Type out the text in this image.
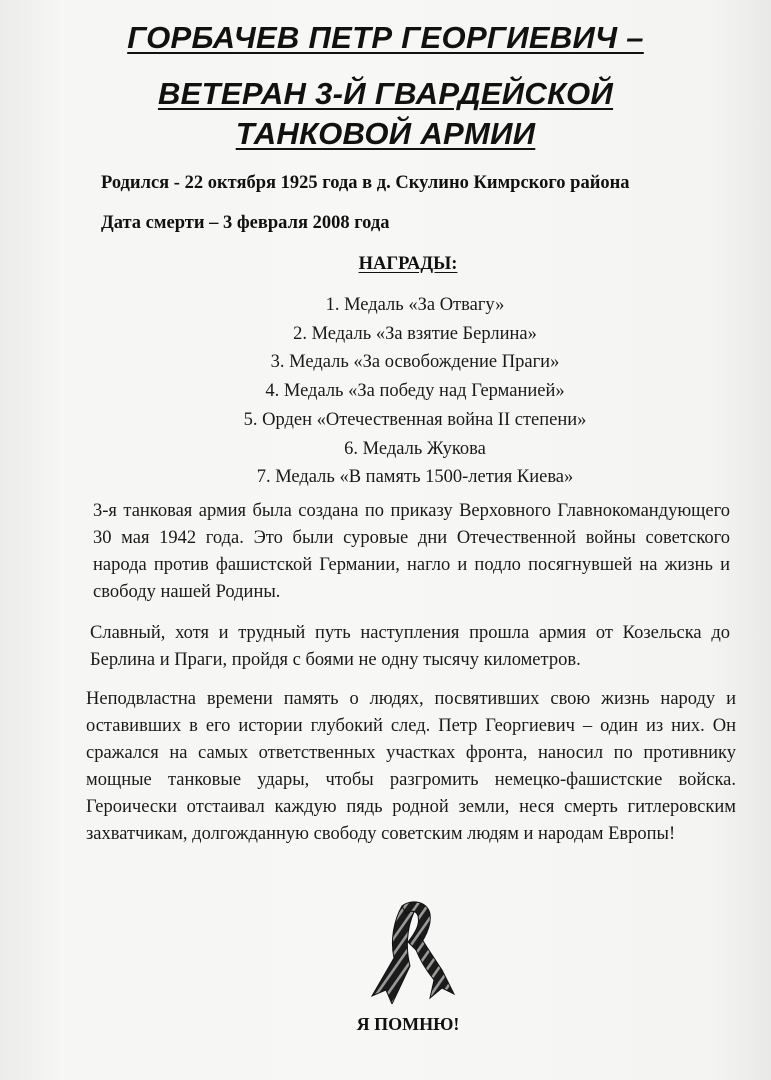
ГОРБАЧЕВ ПЕТР ГЕОРГИЕВИЧ –
ВЕТЕРАН 3-Й ГВАРДЕЙСКОЙ
ТАНКОВОЙ АРМИИ
Родился - 22 октября 1925 года в д. Скулино Кимрского района
Дата смерти – 3 февраля 2008 года
НАГРАДЫ:
1. Медаль «За Отвагу»
2. Медаль «За взятие Берлина»
3. Медаль «За освобождение Праги»
4. Медаль «За победу над Германией»
5. Орден «Отечественная война II степени»
6. Медаль Жукова
7. Медаль «В память 1500-летия Киева»

3-я танковая армия была создана по приказу Верховного Главнокомандующего 30 мая 1942 года. Это были суровые дни Отечественной войны советского народа против фашистской Германии, нагло и подло посягнувшей на жизнь и свободу нашей Родины.

Славный, хотя и трудный путь наступления прошла армия от Козельска до Берлина и Праги, пройдя с боями не одну тысячу километров.

Неподвластна времени память о людях, посвятивших свою жизнь народу и оставивших в его истории глубокий след. Петр Георгиевич – один из них. Он сражался на самых ответственных участках фронта, наносил по противнику мощные танковые удары, чтобы разгромить немецко-фашистские войска. Героически отстаивал каждую пядь родной земли, неся смерть гитлеровским захватчикам, долгожданную свободу советским людям и народам Европы!

Я ПОМНЮ!
